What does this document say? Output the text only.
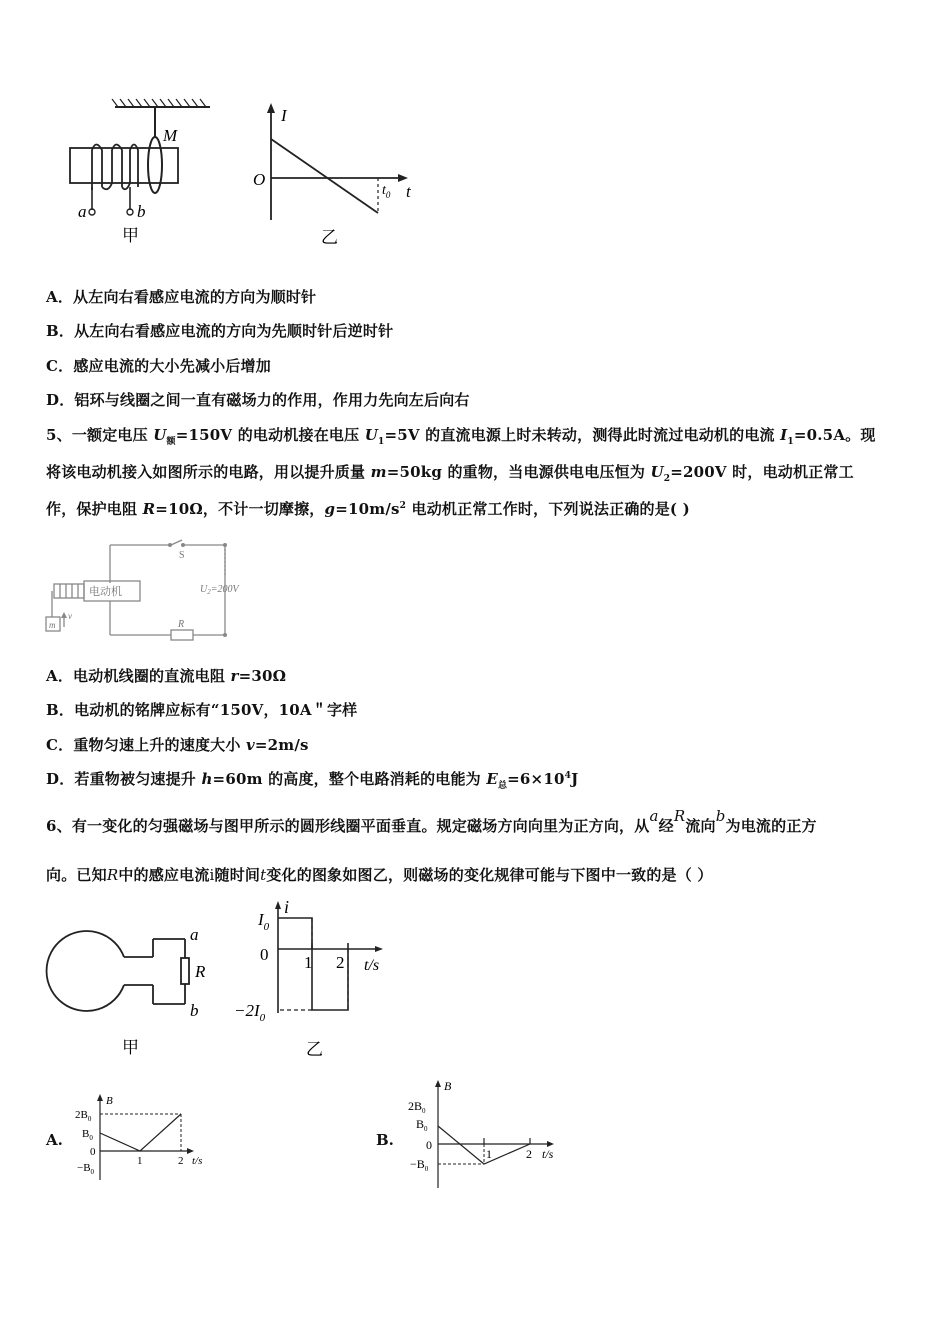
M
a	b
甲
I
O
t
$t_0$
乙
A．从左向右看感应电流的方向为顺时针
B．从左向右看感应电流的方向为先顺时针后逆时针
C．感应电流的大小先减小后增加
D．铝环与线圈之间一直有磁场力的作用，作用力先向左后向右
5、一额定电压 $U_额=150V$ 的电动机接在电压 $U_1=5V$ 的直流电源上时未转动，测得此时流过电动机的电流 $I_1=0.5A$。现
将该电动机接入如图所示的电路，用以提升质量 m=50kg 的重物，当电源供电电压恒为 $U_2=200V$ 时，电动机正常工
作，保护电阻 R=10Ω，不计一切摩擦，$g=10m/s^2$ 电动机正常工作时，下列说法正确的是( )
S
电动机	$U_2=200V$
R
m
v
A．电动机线圈的直流电阻 r=30Ω
B．电动机的铭牌应标有“150V，10A＂字样
C．重物匀速上升的速度大小 v=2m/s
D．若重物被匀速提升 h=60m 的高度，整个电路消耗的电能为 $E_总=6\times 10^4J$
6、有一变化的匀强磁场与图甲所示的圆形线圈平面垂直。规定磁场方向向里为正方向，从a经R流向b为电流的正方
向。已知R中的感应电流i随时间t变化的图象如图乙，则磁场的变化规律可能与下图中一致的是（ ）
a
R
b
甲
i
$I_0$
0 1 2 t/s
$-2I_0$
乙
A.
B
$2B_0$
$B_0$
0
$-B_0$
1	2 t/s
B.
B
$2B_0$
$B_0$
0
$-B_0$
1	2 t/s
